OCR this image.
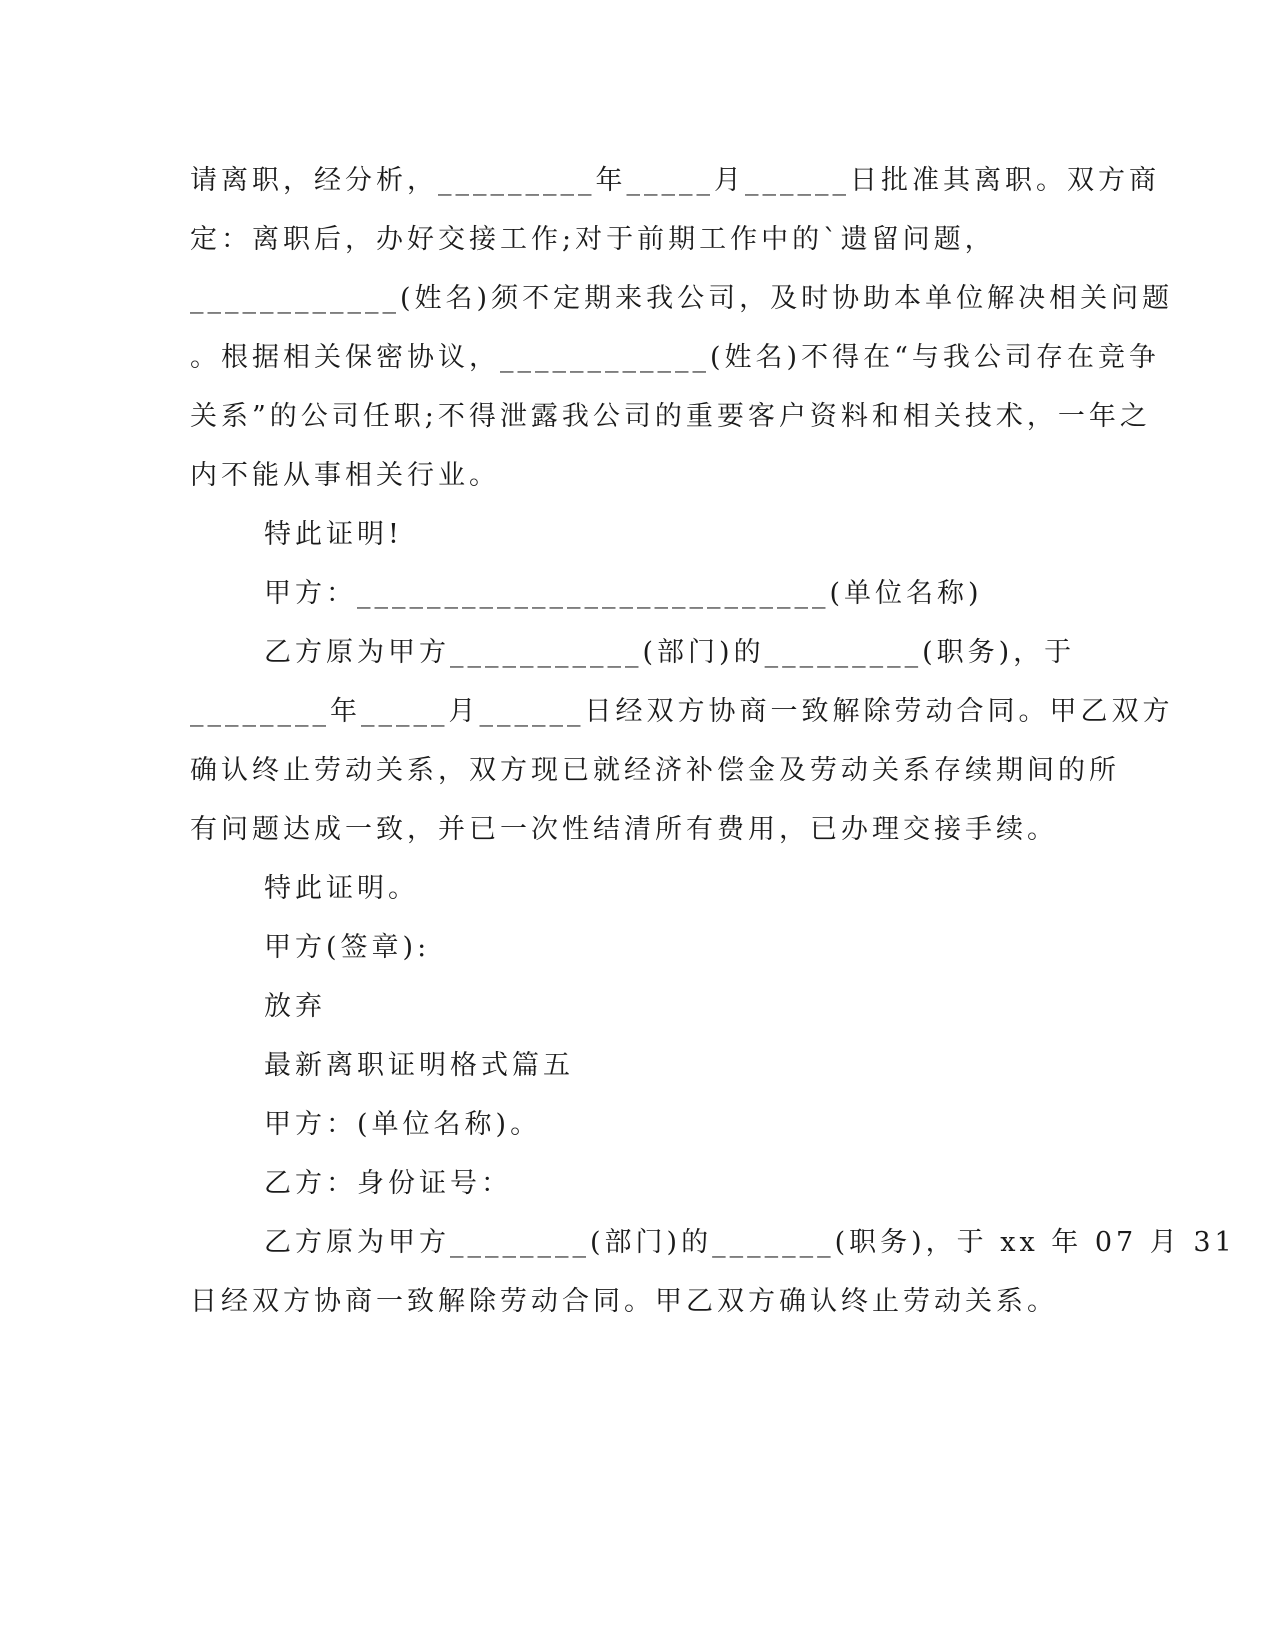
请离职，经分析，_________年_____月______日批准其离职。双方商
定：离职后，办好交接工作;对于前期工作中的`遗留问题，
____________(姓名)须不定期来我公司，及时协助本单位解决相关问题
。根据相关保密协议，____________(姓名)不得在“与我公司存在竞争
关系”的公司任职;不得泄露我公司的重要客户资料和相关技术，一年之
内不能从事相关行业。
特此证明!
甲方：___________________________(单位名称)
乙方原为甲方___________(部门)的_________(职务)，于
________年_____月______日经双方协商一致解除劳动合同。甲乙双方
确认终止劳动关系，双方现已就经济补偿金及劳动关系存续期间的所
有问题达成一致，并已一次性结清所有费用，已办理交接手续。
特此证明。
甲方(签章):
放弃
最新离职证明格式篇五
甲方：(单位名称)。
乙方：身份证号：
乙方原为甲方________(部门)的_______(职务)，于 xx 年 07 月 31
日经双方协商一致解除劳动合同。甲乙双方确认终止劳动关系。
